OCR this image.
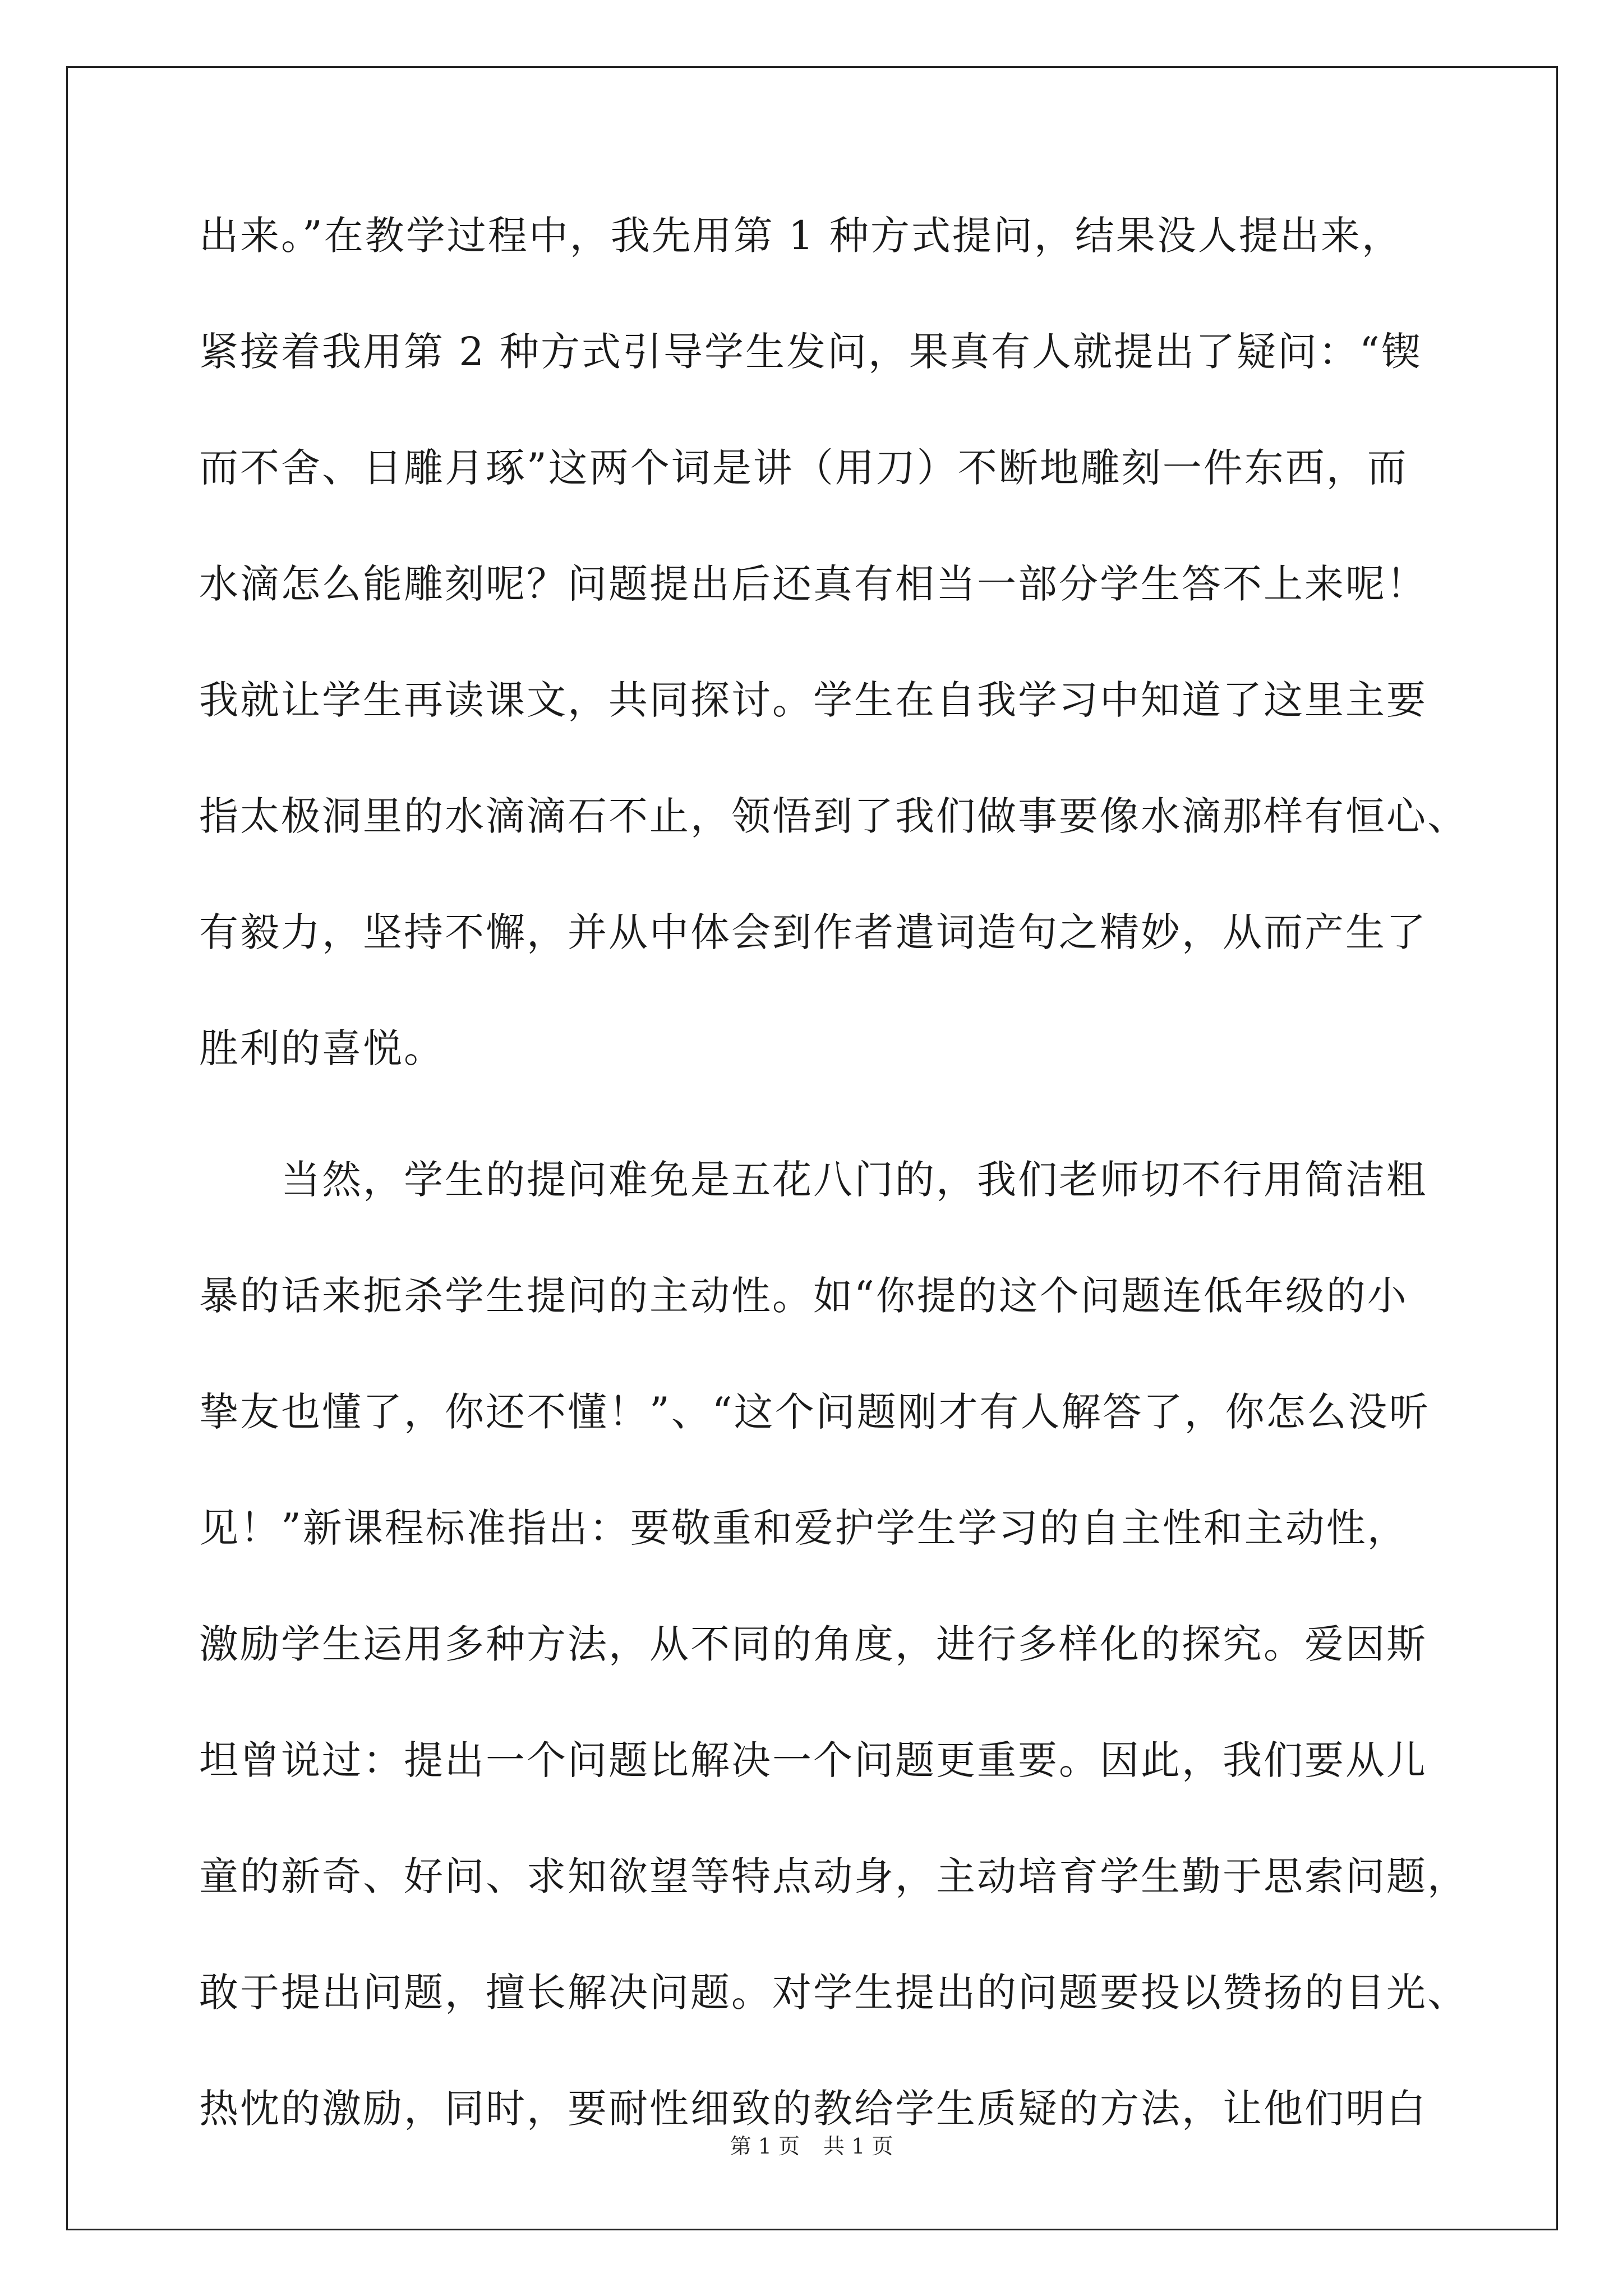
出来。”在教学过程中，我先用第 1 种方式提问，结果没人提出来，
紧接着我用第 2 种方式引导学生发问，果真有人就提出了疑问：“锲
而不舍、日雕月琢”这两个词是讲（用刀）不断地雕刻一件东西，而
水滴怎么能雕刻呢？问题提出后还真有相当一部分学生答不上来呢！
我就让学生再读课文，共同探讨。学生在自我学习中知道了这里主要
指太极洞里的水滴滴石不止，领悟到了我们做事要像水滴那样有恒心、
有毅力，坚持不懈，并从中体会到作者遣词造句之精妙，从而产生了
胜利的喜悦。
　　当然，学生的提问难免是五花八门的，我们老师切不行用简洁粗
暴的话来扼杀学生提问的主动性。如“你提的这个问题连低年级的小
挚友也懂了，你还不懂！”、“这个问题刚才有人解答了，你怎么没听
见！”新课程标准指出：要敬重和爱护学生学习的自主性和主动性，
激励学生运用多种方法，从不同的角度，进行多样化的探究。爱因斯
坦曾说过：提出一个问题比解决一个问题更重要。因此，我们要从儿
童的新奇、好问、求知欲望等特点动身，主动培育学生勤于思索问题，
敢于提出问题，擅长解决问题。对学生提出的问题要投以赞扬的目光、
热忱的激励，同时，要耐性细致的教给学生质疑的方法，让他们明白
第 1 页 共 1 页
